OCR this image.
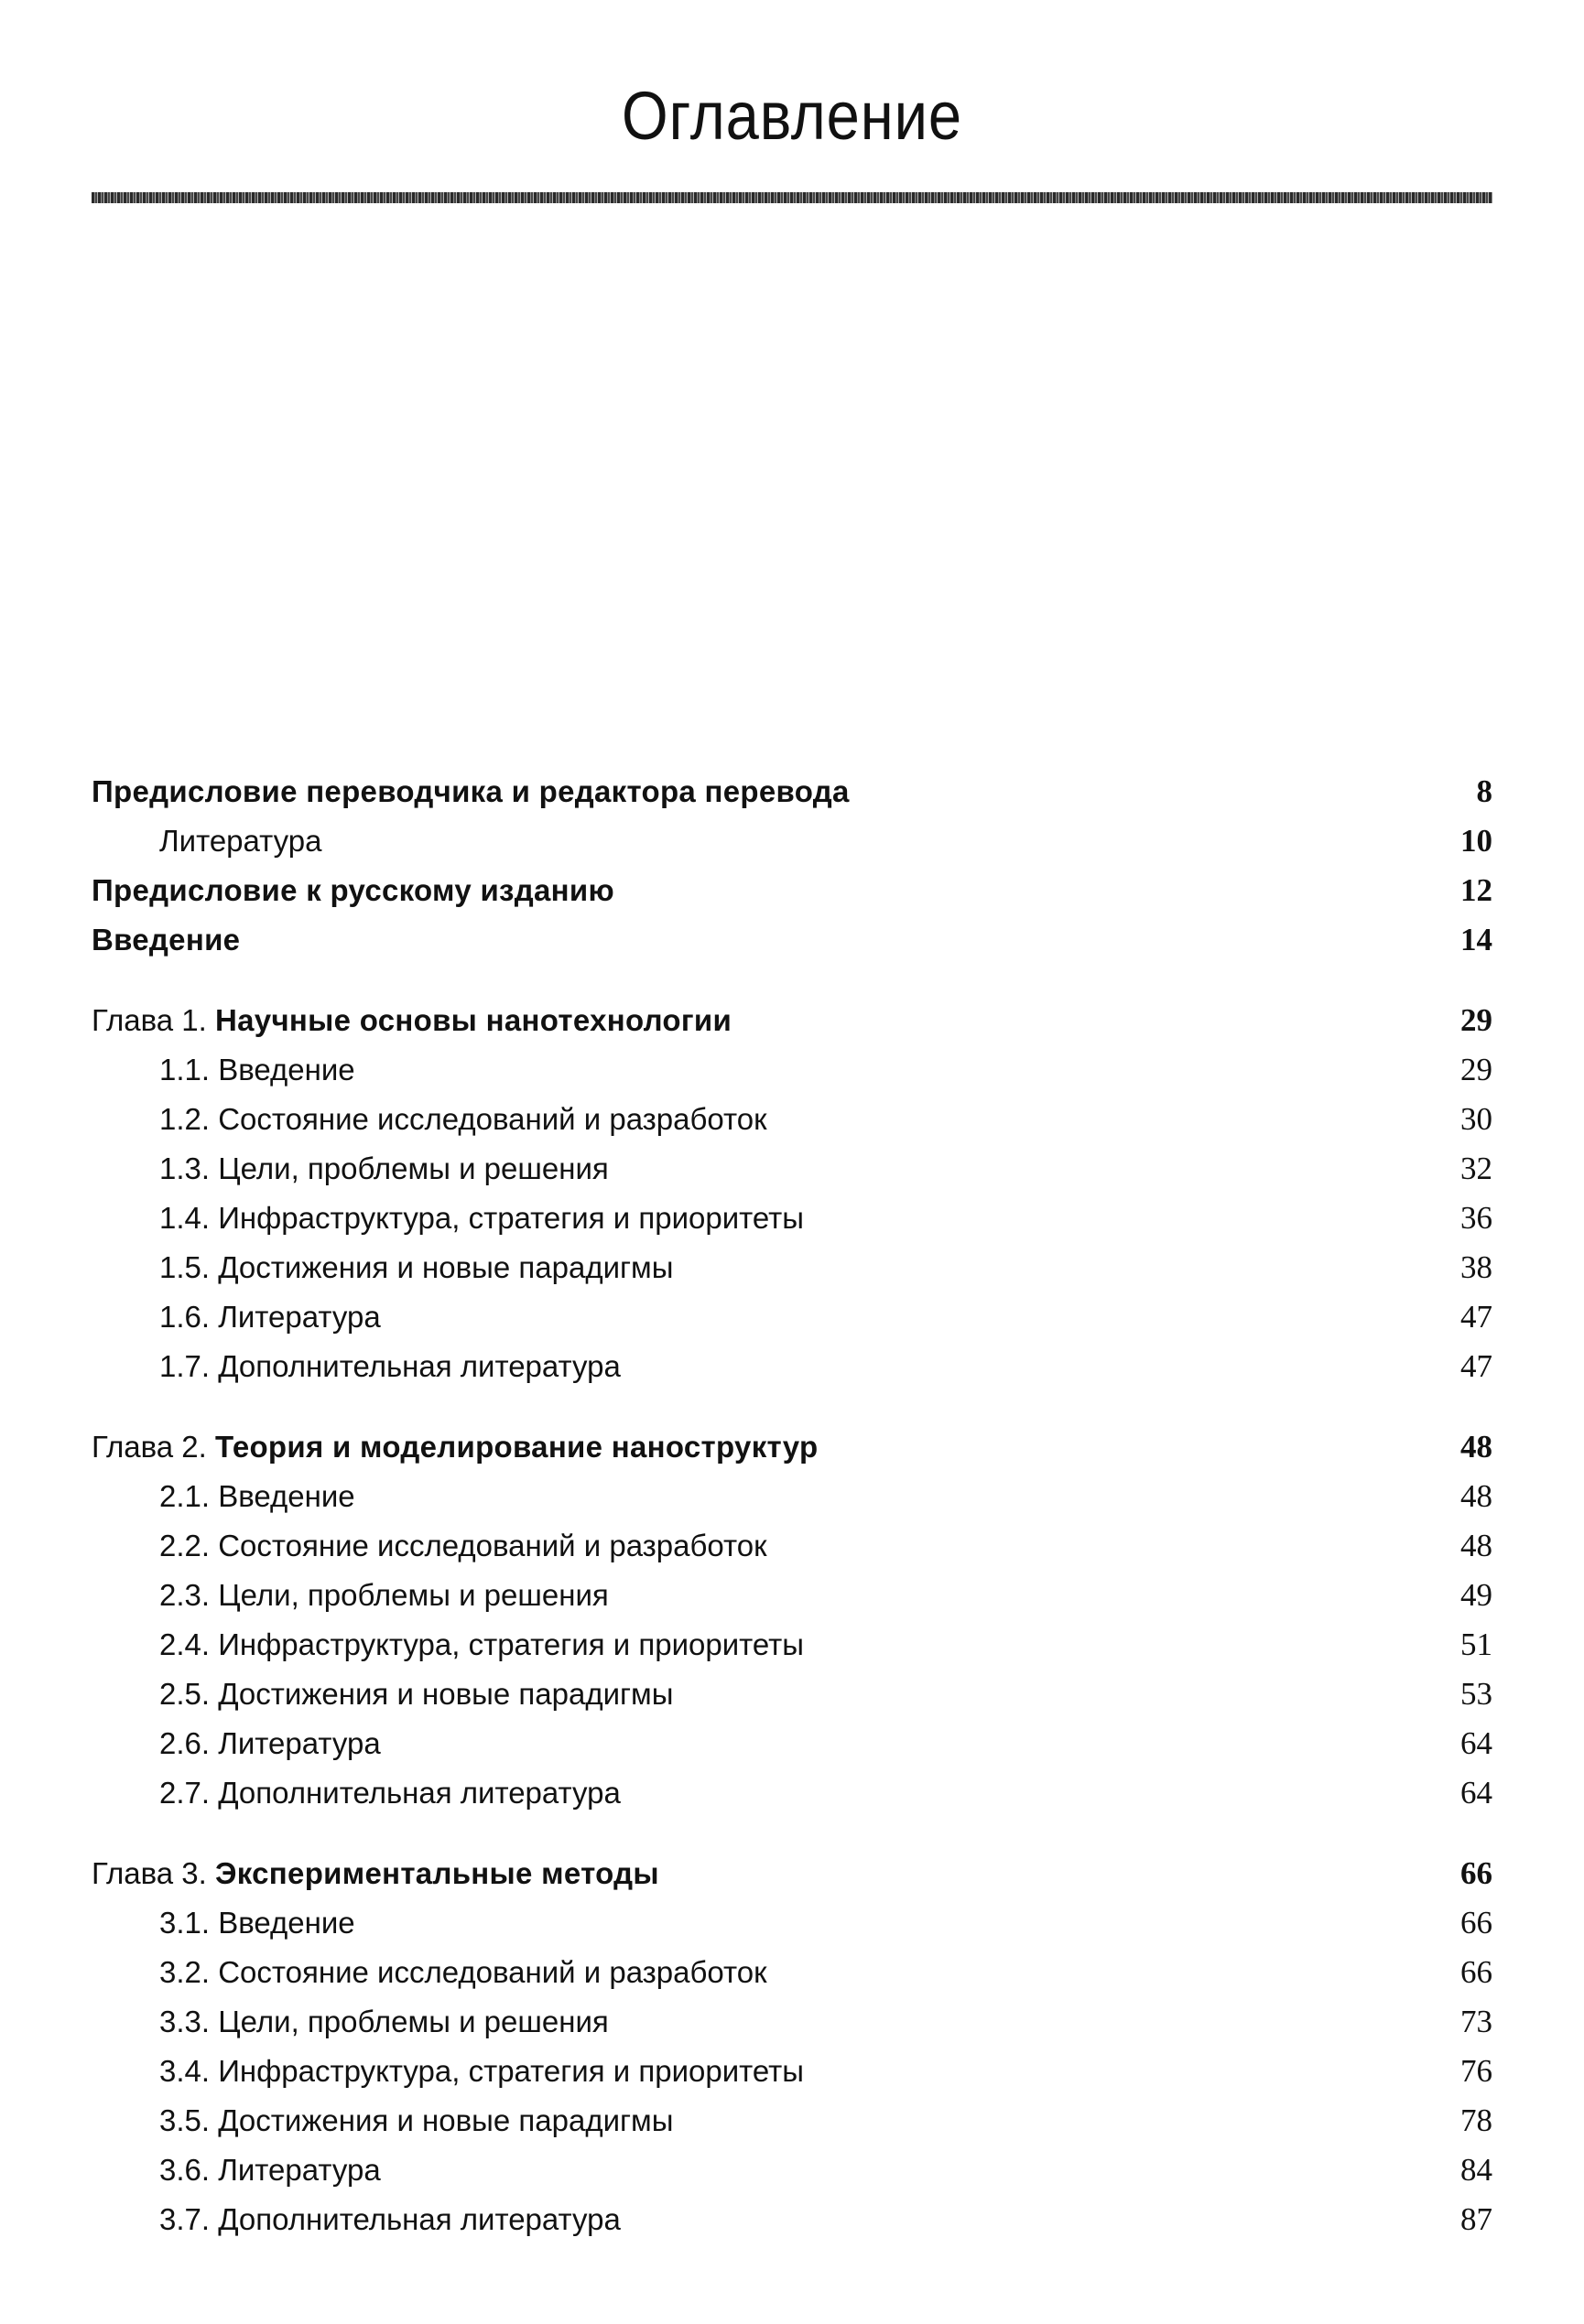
Оглавление
Предисловие переводчика и редактора перевода	8
Литература	10
Предисловие к русскому изданию	12
Введение	14
Глава 1. Научные основы нанотехнологии	29
1.1. Введение	29
1.2. Состояние исследований и разработок	30
1.3. Цели, проблемы и решения	32
1.4. Инфраструктура, стратегия и приоритеты	36
1.5. Достижения и новые парадигмы	38
1.6. Литература	47
1.7. Дополнительная литература	47
Глава 2. Теория и моделирование наноструктур	48
2.1. Введение	48
2.2. Состояние исследований и разработок	48
2.3. Цели, проблемы и решения	49
2.4. Инфраструктура, стратегия и приоритеты	51
2.5. Достижения и новые парадигмы	53
2.6. Литература	64
2.7. Дополнительная литература	64
Глава 3. Экспериментальные методы	66
3.1. Введение	66
3.2. Состояние исследований и разработок	66
3.3. Цели, проблемы и решения	73
3.4. Инфраструктура, стратегия и приоритеты	76
3.5. Достижения и новые парадигмы	78
3.6. Литература	84
3.7. Дополнительная литература	87
